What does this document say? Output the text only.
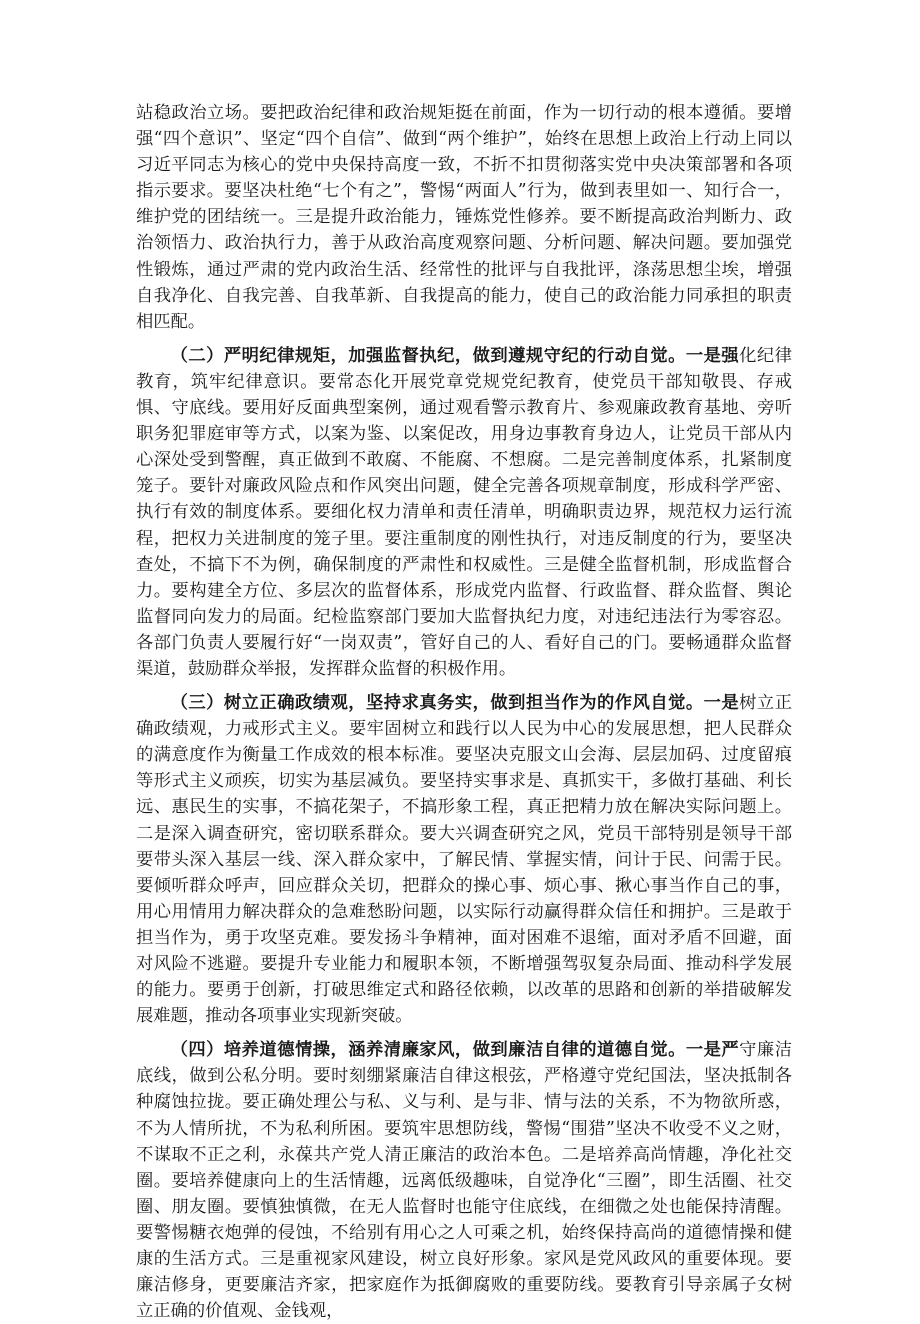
站稳政治立场。要把政治纪律和政治规矩挺在前面，作为一切行动的根本遵循。要增强“四个意识”、坚定“四个自信”、做到“两个维护”，始终在思想上政治上行动上同以习近平同志为核心的党中央保持高度一致，不折不扣贯彻落实党中央决策部署和各项指示要求。要坚决杜绝“七个有之”，警惕“两面人”行为，做到表里如一、知行合一，维护党的团结统一。三是提升政治能力，锤炼党性修养。要不断提高政治判断力、政治领悟力、政治执行力，善于从政治高度观察问题、分析问题、解决问题。要加强党性锻炼，通过严肃的党内政治生活、经常性的批评与自我批评，涤荡思想尘埃，增强自我净化、自我完善、自我革新、自我提高的能力，使自己的政治能力同承担的职责相匹配。

（二）严明纪律规矩，加强监督执纪，做到遵规守纪的行动自觉。一是强化纪律教育，筑牢纪律意识。要常态化开展党章党规党纪教育，使党员干部知敬畏、存戒惧、守底线。要用好反面典型案例，通过观看警示教育片、参观廉政教育基地、旁听职务犯罪庭审等方式，以案为鉴、以案促改，用身边事教育身边人，让党员干部从内心深处受到警醒，真正做到不敢腐、不能腐、不想腐。二是完善制度体系，扎紧制度笼子。要针对廉政风险点和作风突出问题，健全完善各项规章制度，形成科学严密、执行有效的制度体系。要细化权力清单和责任清单，明确职责边界，规范权力运行流程，把权力关进制度的笼子里。要注重制度的刚性执行，对违反制度的行为，要坚决查处，不搞下不为例，确保制度的严肃性和权威性。三是健全监督机制，形成监督合力。要构建全方位、多层次的监督体系，形成党内监督、行政监督、群众监督、舆论监督同向发力的局面。纪检监察部门要加大监督执纪力度，对违纪违法行为零容忍。各部门负责人要履行好“一岗双责”，管好自己的人、看好自己的门。要畅通群众监督渠道，鼓励群众举报，发挥群众监督的积极作用。

（三）树立正确政绩观，坚持求真务实，做到担当作为的作风自觉。一是树立正确政绩观，力戒形式主义。要牢固树立和践行以人民为中心的发展思想，把人民群众的满意度作为衡量工作成效的根本标准。要坚决克服文山会海、层层加码、过度留痕等形式主义顽疾，切实为基层减负。要坚持实事求是、真抓实干，多做打基础、利长远、惠民生的实事，不搞花架子，不搞形象工程，真正把精力放在解决实际问题上。二是深入调查研究，密切联系群众。要大兴调查研究之风，党员干部特别是领导干部要带头深入基层一线、深入群众家中，了解民情、掌握实情，问计于民、问需于民。要倾听群众呼声，回应群众关切，把群众的操心事、烦心事、揪心事当作自己的事，用心用情用力解决群众的急难愁盼问题，以实际行动赢得群众信任和拥护。三是敢于担当作为，勇于攻坚克难。要发扬斗争精神，面对困难不退缩，面对矛盾不回避，面对风险不逃避。要提升专业能力和履职本领，不断增强驾驭复杂局面、推动科学发展的能力。要勇于创新，打破思维定式和路径依赖，以改革的思路和创新的举措破解发展难题，推动各项事业实现新突破。

（四）培养道德情操，涵养清廉家风，做到廉洁自律的道德自觉。一是严守廉洁底线，做到公私分明。要时刻绷紧廉洁自律这根弦，严格遵守党纪国法，坚决抵制各种腐蚀拉拢。要正确处理公与私、义与利、是与非、情与法的关系，不为物欲所惑，不为人情所扰，不为私利所困。要筑牢思想防线，警惕“围猎”坚决不收受不义之财，不谋取不正之利，永葆共产党人清正廉洁的政治本色。二是培养高尚情趣，净化社交圈。要培养健康向上的生活情趣，远离低级趣味，自觉净化“三圈”，即生活圈、社交圈、朋友圈。要慎独慎微，在无人监督时也能守住底线，在细微之处也能保持清醒。要警惕糖衣炮弹的侵蚀，不给别有用心之人可乘之机，始终保持高尚的道德情操和健康的生活方式。三是重视家风建设，树立良好形象。家风是党风政风的重要体现。要廉洁修身，更要廉洁齐家，把家庭作为抵御腐败的重要防线。要教育引导亲属子女树立正确的价值观、金钱观，
